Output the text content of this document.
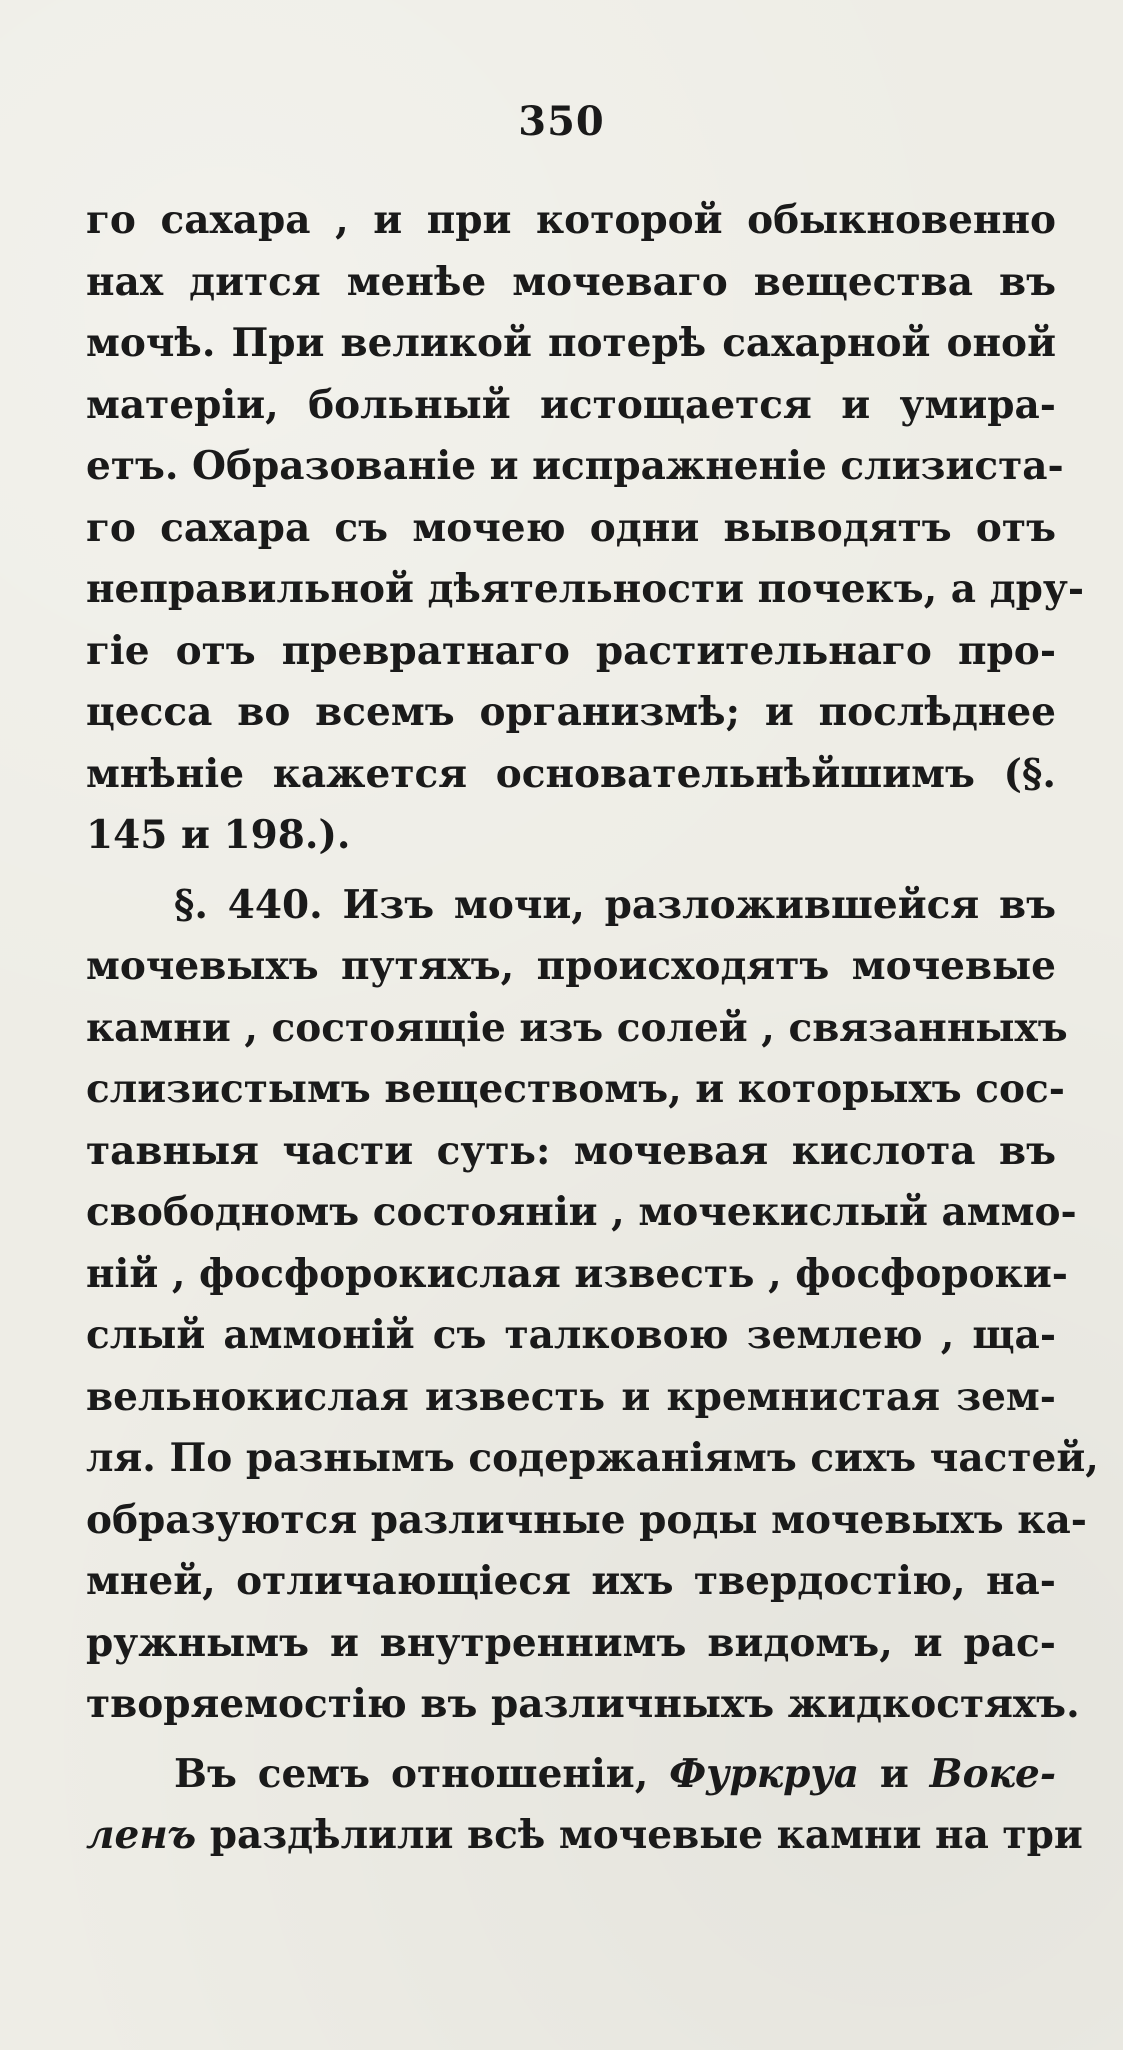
350
го сахара , и при которой обыкновенно
нах дится менѣе мочеваго вещества въ
мочѣ. При великой потерѣ сахарной оной
матерiи, больный истощается и умира-
етъ. Образованiе и испражненiе слизиста-
го сахара съ мочею одни выводятъ отъ
неправильной дѣятельности почекъ, а дру-
гiе отъ превратнаго растительнаго про-
цесса во всемъ организмѣ; и послѣднее
мнѣнiе кажется основательнѣйшимъ (§.
145 и 198.).
§. 440. Изъ мочи, разложившейся въ
мочевыхъ путяхъ, происходятъ мочевые
камни , состоящiе изъ солей , связанныхъ
слизистымъ веществомъ, и которыхъ сос-
тавныя части суть: мочевая кислота въ
свободномъ состоянiи , мочекислый аммо-
нiй , фосфорокислая известь , фосфороки-
слый аммонiй съ талковою землею , ща-
вельнокислая известь и кремнистая зем-
ля. По разнымъ содержанiямъ сихъ частей,
образуются различные роды мочевыхъ ка-
мней, отличающiеся ихъ твердостiю, на-
ружнымъ и внутреннимъ видомъ, и рас-
творяемостiю въ различныхъ жидкостяхъ.
Въ семъ отношенiи, Фуркруа и Воке-
ленъ раздѣлили всѣ мочевые камни на три
